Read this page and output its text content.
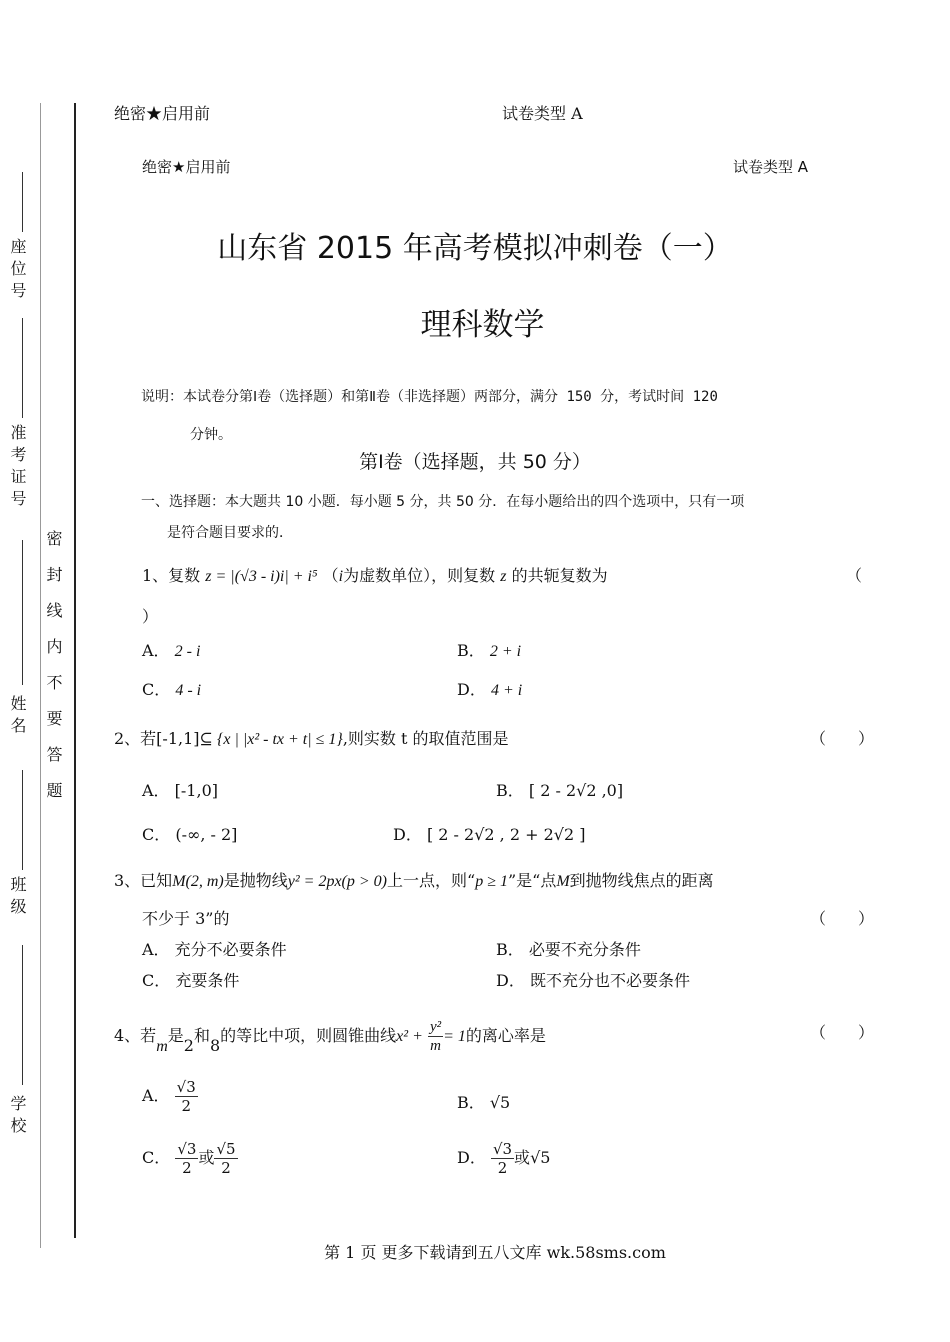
座位号
准考证号
姓名
班级
学校
密封线内不要答题
绝密★启用前	试卷类型 A
绝密★启用前	试卷类型 A
山东省 2015 年高考模拟冲刺卷（一）
理科数学
说明：本试卷分第Ⅰ卷（选择题）和第Ⅱ卷（非选择题）两部分，满分 150 分，考试时间 120
分钟。
第Ⅰ卷（选择题，共 50 分）
一、选择题：本大题共 10 小题．每小题 5 分，共 50 分．在每小题给出的四个选项中，只有一项
是符合题目要求的．
1、复数 z = |(√3 - i)i| + i⁵ （i为虚数单位），则复数 z 的共轭复数为	（
）
A． 2 - i	B． 2 + i
C． 4 - i	D． 4 + i
2、若[-1,1]⊆ {x | |x² - tx + t| ≤ 1},则实数 t 的取值范围是	（　　）
A． [-1,0]	B． [ 2 - 2√2 ,0]
C． (-∞, - 2]	D． [ 2 - 2√2 , 2 + 2√2 ]
3、已知M(2, m)是抛物线y² = 2px(p > 0)上一点，则“p ≥ 1”是“点M到抛物线焦点的距离
不少于 3”的	（　　）
A． 充分不必要条件	B． 必要不充分条件
C． 充要条件	D． 既不充分也不必要条件
4、若m是2和8的等比中项，则圆锥曲线$x^2 + \frac{\text{y²}}{m} = 1$的离心率是	（　　）
A． $\frac{√3}{2}$	B． √5
C． $\frac{√3}{2}$ 或 $\frac{√5}{2}$	D． $\frac{√3}{2}$ 或√5
第 1 页 更多下载请到五八文库 wk.58sms.com
